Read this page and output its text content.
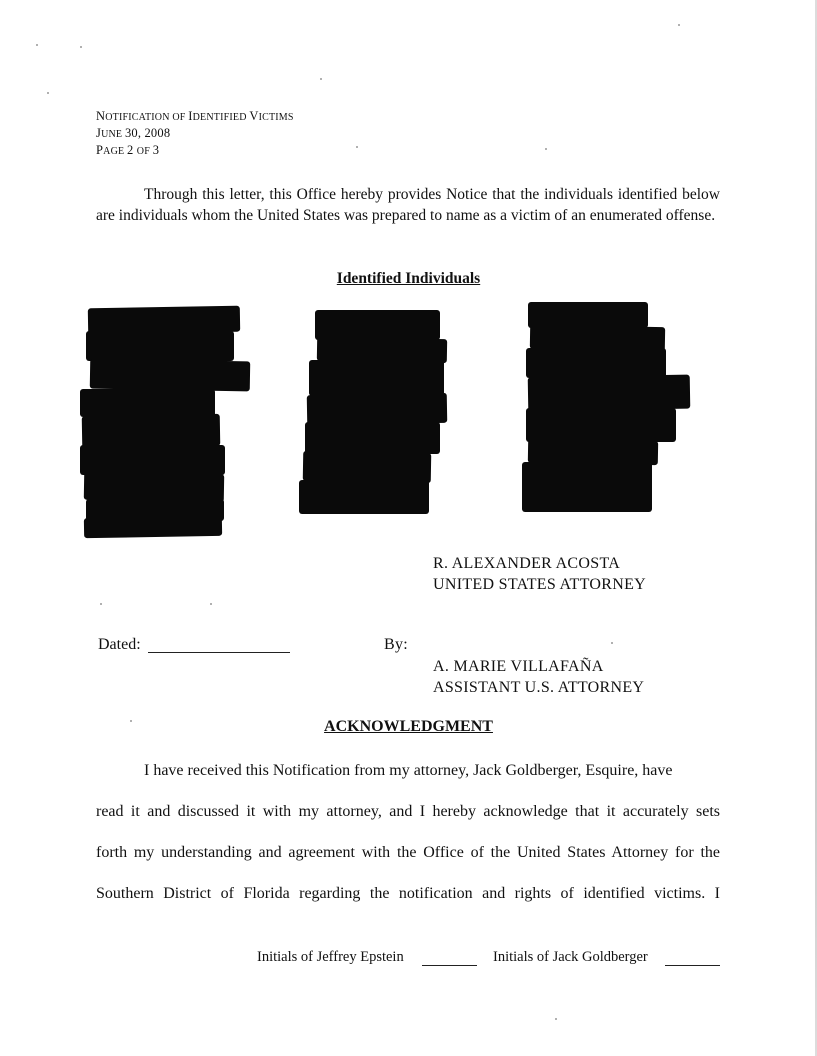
NOTIFICATION OF IDENTIFIED VICTIMS
JUNE 30, 2008
PAGE 2 OF 3
Through this letter, this Office hereby provides Notice that the individuals identified below are individuals whom the United States was prepared to name as a victim of an enumerated offense.
Identified Individuals
R. ALEXANDER ACOSTA
UNITED STATES ATTORNEY
Dated:	By:
A. MARIE VILLAFAÑA
ASSISTANT U.S. ATTORNEY
ACKNOWLEDGMENT
I have received this Notification from my attorney, Jack Goldberger, Esquire, have
read it and discussed it with my attorney, and I hereby acknowledge that it accurately sets
forth my understanding and agreement with the Office of the United States Attorney for the
Southern District of Florida regarding the notification and rights of identified victims. I
Initials of Jeffrey Epstein	Initials of Jack Goldberger
